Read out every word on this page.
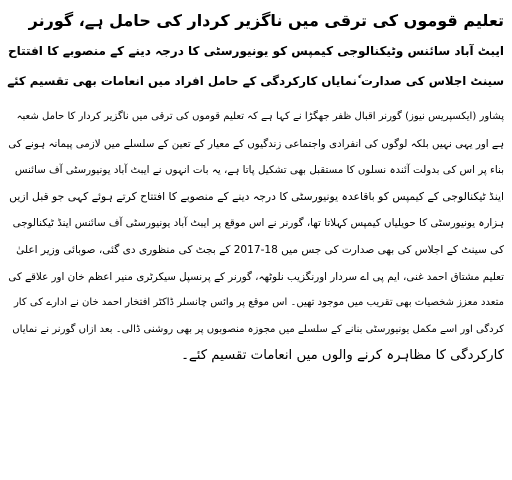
تعلیم قوموں کی ترقی میں ناگزیر کردار کی حامل ہے، گورنر
ایبٹ آباد سائنس وٹیکنالوجی کیمپس کو یونیورسٹی کا درجہ دینے کے منصوبے کا افتتاح
سینٹ اجلاس کی صدارت ٗنمایاں کارکردگی کے حامل افراد میں انعامات بھی تقسیم کئے
پشاور (ایکسپریس نیوز) گورنر اقبال ظفر جھگڑا نے کہا ہے کہ تعلیم قوموں کی ترقی میں ناگزیر کردار کا حامل شعبہ
ہے اور یہی نہیں بلکہ لوگوں کی انفرادی واجتماعی زندگیوں کے معیار کے تعین کے سلسلے میں لازمی پیمانہ ہونے کی
بناء پر اس کی بدولت آئندہ نسلوں کا مستقبل بھی تشکیل پاتا ہے، یہ بات انہوں نے ایبٹ آباد یونیورسٹی آف سائنس
اینڈ ٹیکنالوجی کے کیمپس کو باقاعدہ یونیورسٹی کا درجہ دینے کے منصوبے کا افتتاح کرتے ہوئے کہی جو قبل ازیں
ہزارہ یونیورسٹی کا حویلیاں کیمپس کہلاتا تھا، گورنر نے اس موقع پر ایبٹ آباد یونیورسٹی آف سائنس اینڈ ٹیکنالوجی
کی سینٹ کے اجلاس کی بھی صدارت کی جس میں 18-2017 کے بجٹ کی منظوری دی گئی، صوبائی وزیر اعلیٰ
تعلیم مشتاق احمد غنی، ایم پی اے سردار اورنگزیب نلوٹھہ، گورنر کے پرنسپل سیکرٹری منیر اعظم خان اور علاقے کی
متعدد معزز شخصیات بھی تقریب میں موجود تھیں۔ اس موقع پر وائس چانسلر ڈاکٹر افتخار احمد خان نے ادارے کی کار
کردگی اور اسے مکمل یونیورسٹی بنانے کے سلسلے میں مجوزہ منصوبوں پر بھی روشنی ڈالی۔ بعد ازاں گورنر نے نمایاں
کارکردگی کا مظاہرہ کرنے والوں میں انعامات تقسیم کئے۔
